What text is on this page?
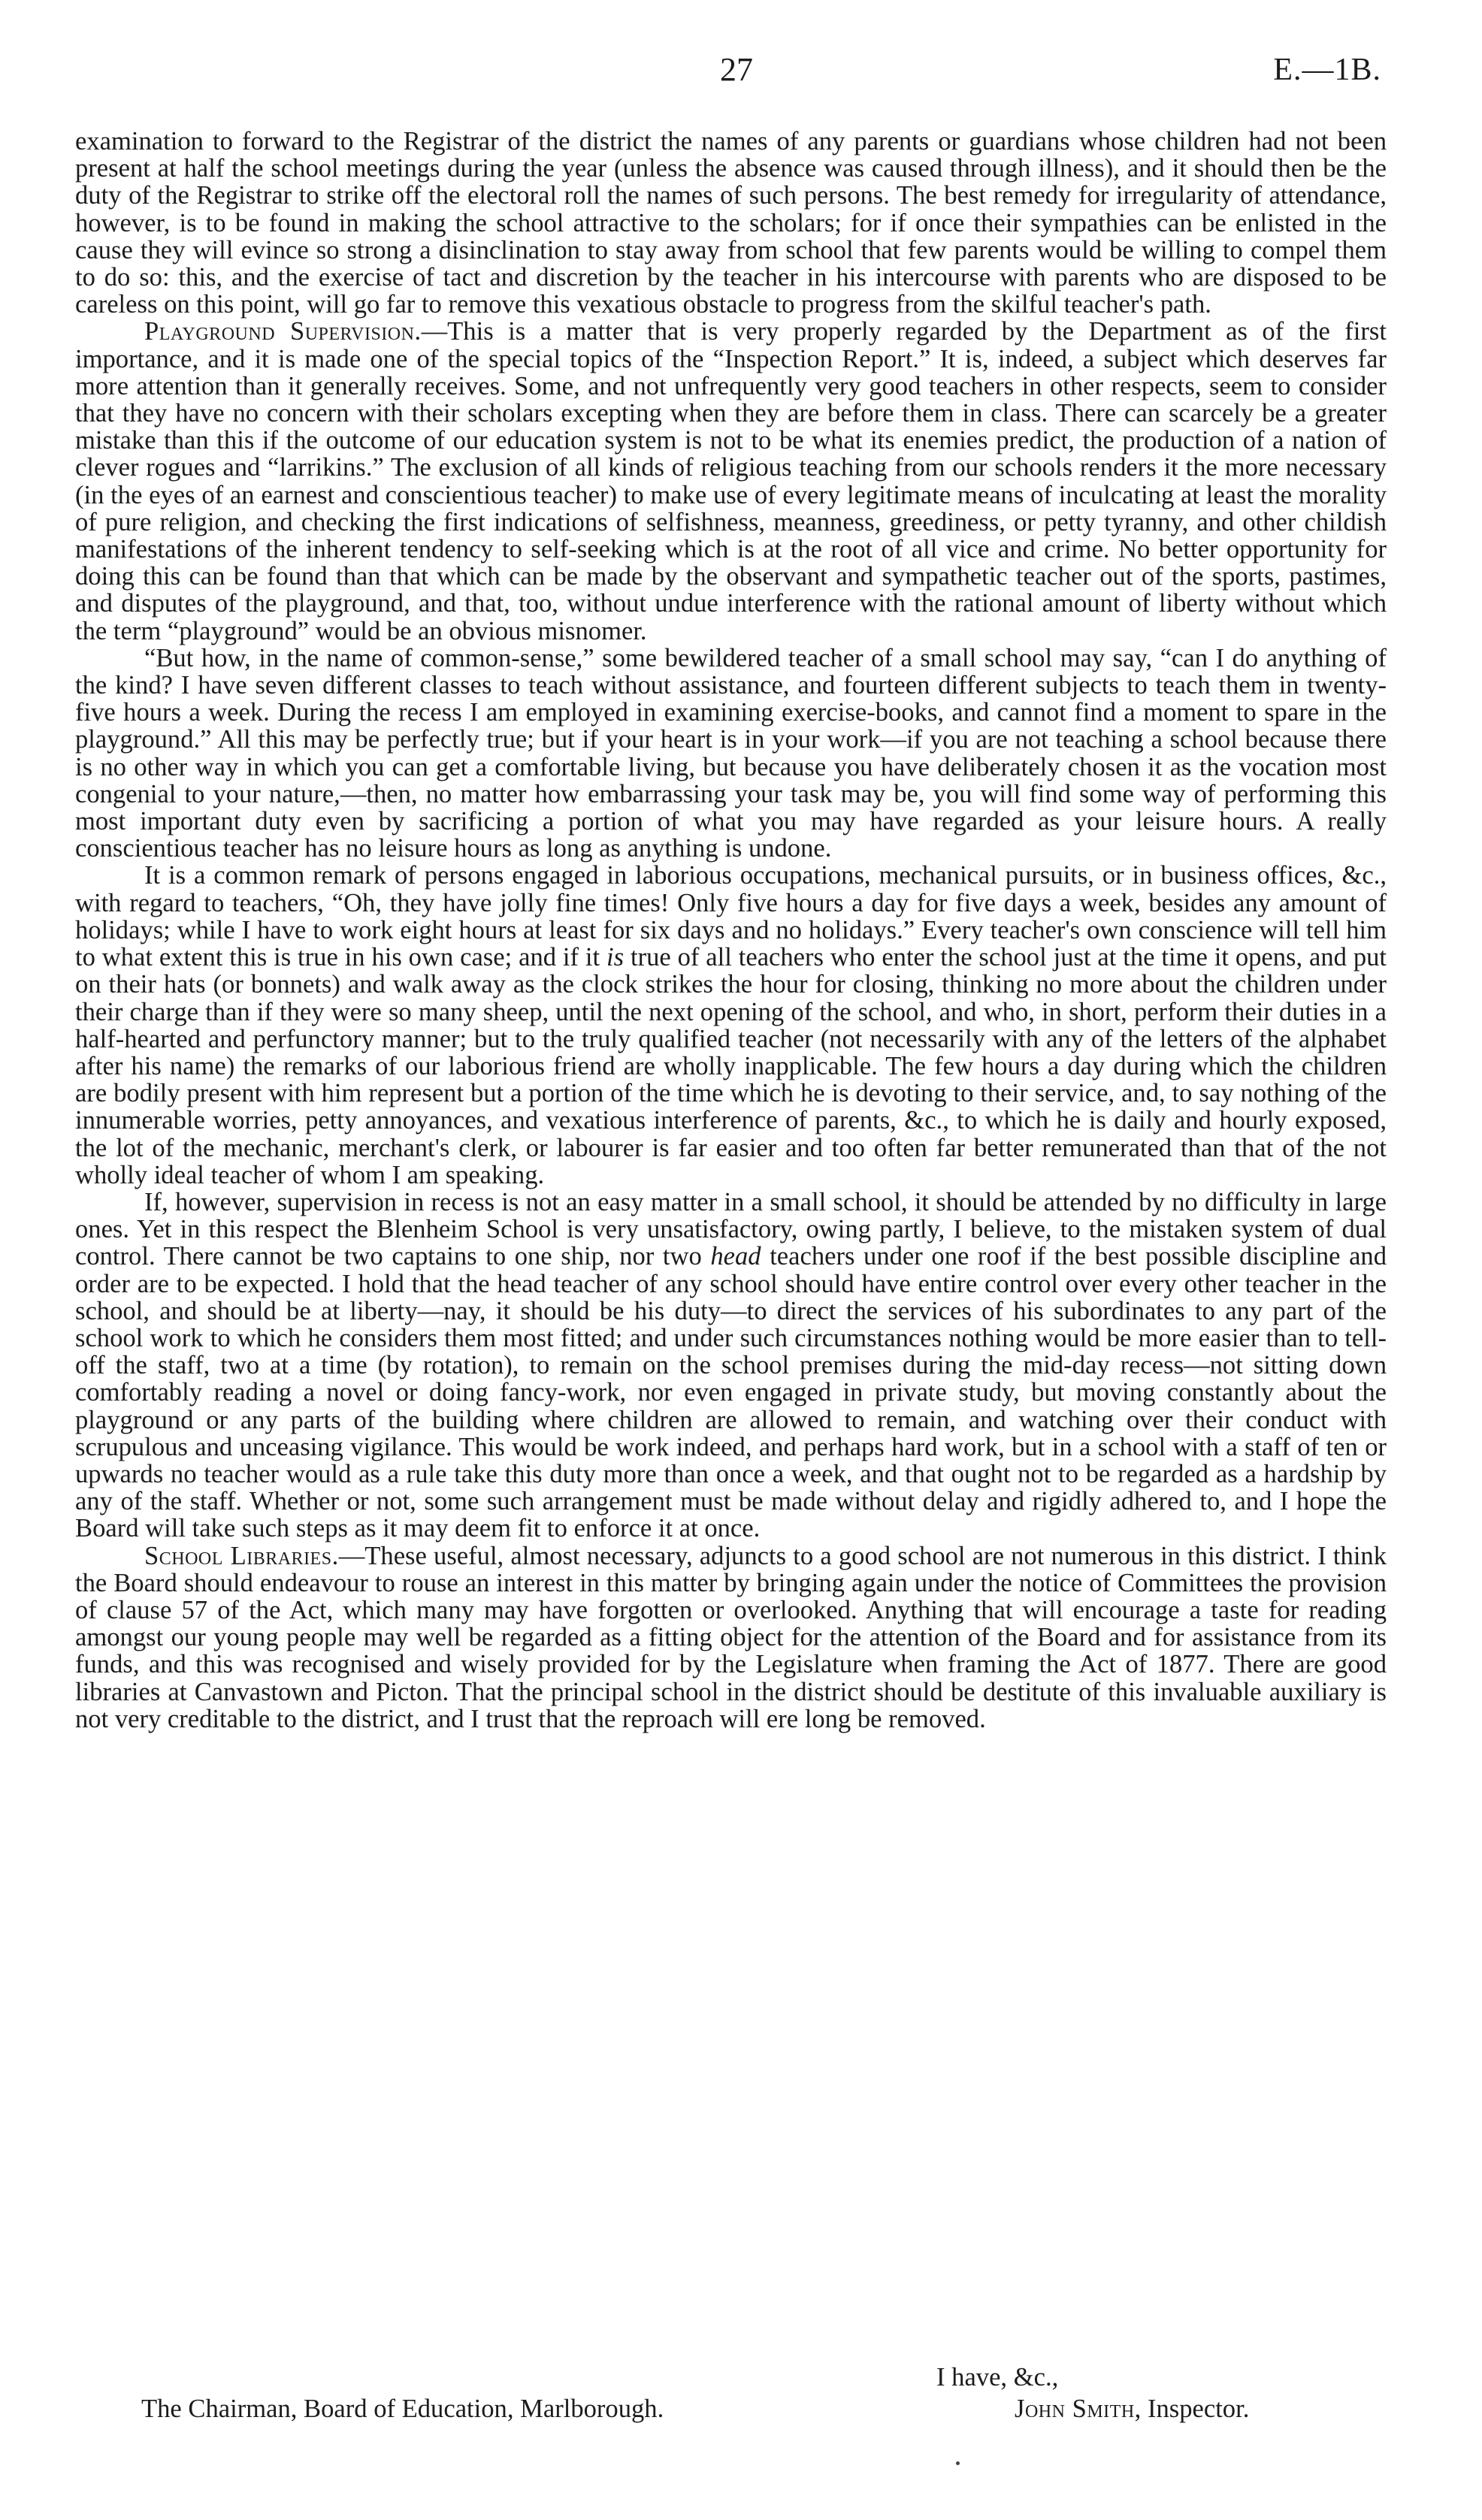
27	E.—1B.

examination to forward to the Registrar of the district the names of any parents or guardians whose children had not been present at half the school meetings during the year (unless the absence was caused through illness), and it should then be the duty of the Registrar to strike off the electoral roll the names of such persons. The best remedy for irregularity of attendance, however, is to be found in making the school attractive to the scholars; for if once their sympathies can be enlisted in the cause they will evince so strong a disinclination to stay away from school that few parents would be willing to compel them to do so: this, and the exercise of tact and discretion by the teacher in his intercourse with parents who are disposed to be careless on this point, will go far to remove this vexatious obstacle to progress from the skilful teacher's path.

Playground Supervision.—This is a matter that is very properly regarded by the Department as of the first importance, and it is made one of the special topics of the “Inspection Report.” It is, indeed, a subject which deserves far more attention than it generally receives. Some, and not unfrequently very good teachers in other respects, seem to consider that they have no concern with their scholars excepting when they are before them in class. There can scarcely be a greater mistake than this if the outcome of our education system is not to be what its enemies predict, the production of a nation of clever rogues and “larrikins.” The exclusion of all kinds of religious teaching from our schools renders it the more necessary (in the eyes of an earnest and conscientious teacher) to make use of every legitimate means of inculcating at least the morality of pure religion, and checking the first indications of selfishness, meanness, greediness, or petty tyranny, and other childish manifestations of the inherent tendency to self-seeking which is at the root of all vice and crime. No better opportunity for doing this can be found than that which can be made by the observant and sympathetic teacher out of the sports, pastimes, and disputes of the playground, and that, too, without undue interference with the rational amount of liberty without which the term “playground” would be an obvious misnomer.

“But how, in the name of common-sense,” some bewildered teacher of a small school may say, “can I do anything of the kind? I have seven different classes to teach without assistance, and fourteen different subjects to teach them in twenty-five hours a week. During the recess I am employed in examining exercise-books, and cannot find a moment to spare in the playground.” All this may be perfectly true; but if your heart is in your work—if you are not teaching a school because there is no other way in which you can get a comfortable living, but because you have deliberately chosen it as the vocation most congenial to your nature,—then, no matter how embarrassing your task may be, you will find some way of performing this most important duty even by sacrificing a portion of what you may have regarded as your leisure hours. A really conscientious teacher has no leisure hours as long as anything is undone.

It is a common remark of persons engaged in laborious occupations, mechanical pursuits, or in business offices, &c., with regard to teachers, “Oh, they have jolly fine times! Only five hours a day for five days a week, besides any amount of holidays; while I have to work eight hours at least for six days and no holidays.” Every teacher's own conscience will tell him to what extent this is true in his own case; and if it is true of all teachers who enter the school just at the time it opens, and put on their hats (or bonnets) and walk away as the clock strikes the hour for closing, thinking no more about the children under their charge than if they were so many sheep, until the next opening of the school, and who, in short, perform their duties in a half-hearted and perfunctory manner; but to the truly qualified teacher (not necessarily with any of the letters of the alphabet after his name) the remarks of our laborious friend are wholly inapplicable. The few hours a day during which the children are bodily present with him represent but a portion of the time which he is devoting to their service, and, to say nothing of the innumerable worries, petty annoyances, and vexatious interference of parents, &c., to which he is daily and hourly exposed, the lot of the mechanic, merchant's clerk, or labourer is far easier and too often far better remunerated than that of the not wholly ideal teacher of whom I am speaking.

If, however, supervision in recess is not an easy matter in a small school, it should be attended by no difficulty in large ones. Yet in this respect the Blenheim School is very unsatisfactory, owing partly, I believe, to the mistaken system of dual control. There cannot be two captains to one ship, nor two head teachers under one roof if the best possible discipline and order are to be expected. I hold that the head teacher of any school should have entire control over every other teacher in the school, and should be at liberty—nay, it should be his duty—to direct the services of his subordinates to any part of the school work to which he considers them most fitted; and under such circumstances nothing would be more easier than to tell-off the staff, two at a time (by rotation), to remain on the school premises during the mid-day recess—not sitting down comfortably reading a novel or doing fancy-work, nor even engaged in private study, but moving constantly about the playground or any parts of the building where children are allowed to remain, and watching over their conduct with scrupulous and unceasing vigilance. This would be work indeed, and perhaps hard work, but in a school with a staff of ten or upwards no teacher would as a rule take this duty more than once a week, and that ought not to be regarded as a hardship by any of the staff. Whether or not, some such arrangement must be made without delay and rigidly adhered to, and I hope the Board will take such steps as it may deem fit to enforce it at once.

School Libraries.—These useful, almost necessary, adjuncts to a good school are not numerous in this district. I think the Board should endeavour to rouse an interest in this matter by bringing again under the notice of Committees the provision of clause 57 of the Act, which many may have forgotten or overlooked. Anything that will encourage a taste for reading amongst our young people may well be regarded as a fitting object for the attention of the Board and for assistance from its funds, and this was recognised and wisely provided for by the Legislature when framing the Act of 1877. There are good libraries at Canvastown and Picton. That the principal school in the district should be destitute of this invaluable auxiliary is not very creditable to the district, and I trust that the reproach will ere long be removed.

I have, &c.,
The Chairman, Board of Education, Marlborough.	John Smith, Inspector.
